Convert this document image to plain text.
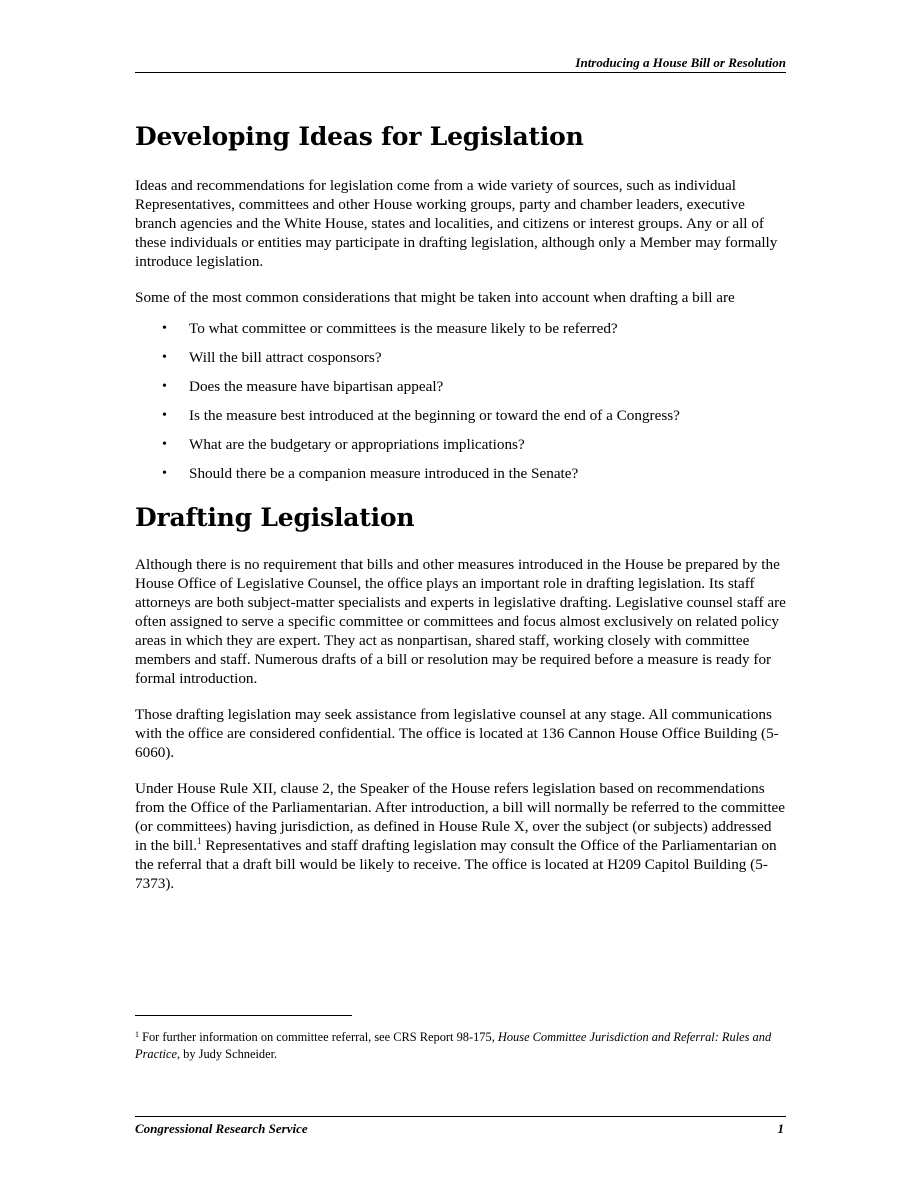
Introducing a House Bill or Resolution
Developing Ideas for Legislation

Ideas and recommendations for legislation come from a wide variety of sources, such as individual Representatives, committees and other House working groups, party and chamber leaders, executive branch agencies and the White House, states and localities, and citizens or interest groups. Any or all of these individuals or entities may participate in drafting legislation, although only a Member may formally introduce legislation.

Some of the most common considerations that might be taken into account when drafting a bill are

• To what committee or committees is the measure likely to be referred?
• Will the bill attract cosponsors?
• Does the measure have bipartisan appeal?
• Is the measure best introduced at the beginning or toward the end of a Congress?
• What are the budgetary or appropriations implications?
• Should there be a companion measure introduced in the Senate?
Drafting Legislation

Although there is no requirement that bills and other measures introduced in the House be prepared by the House Office of Legislative Counsel, the office plays an important role in drafting legislation. Its staff attorneys are both subject-matter specialists and experts in legislative drafting. Legislative counsel staff are often assigned to serve a specific committee or committees and focus almost exclusively on related policy areas in which they are expert. They act as nonpartisan, shared staff, working closely with committee members and staff. Numerous drafts of a bill or resolution may be required before a measure is ready for formal introduction.

Those drafting legislation may seek assistance from legislative counsel at any stage. All communications with the office are considered confidential. The office is located at 136 Cannon House Office Building (5-6060).

Under House Rule XII, clause 2, the Speaker of the House refers legislation based on recommendations from the Office of the Parliamentarian. After introduction, a bill will normally be referred to the committee (or committees) having jurisdiction, as defined in House Rule X, over the subject (or subjects) addressed in the bill.$^1$ Representatives and staff drafting legislation may consult the Office of the Parliamentarian on the referral that a draft bill would be likely to receive. The office is located at H209 Capitol Building (5-7373).

$^1$ For further information on committee referral, see CRS Report 98-175, House Committee Jurisdiction and Referral: Rules and Practice, by Judy Schneider.
Congressional Research Service	1
